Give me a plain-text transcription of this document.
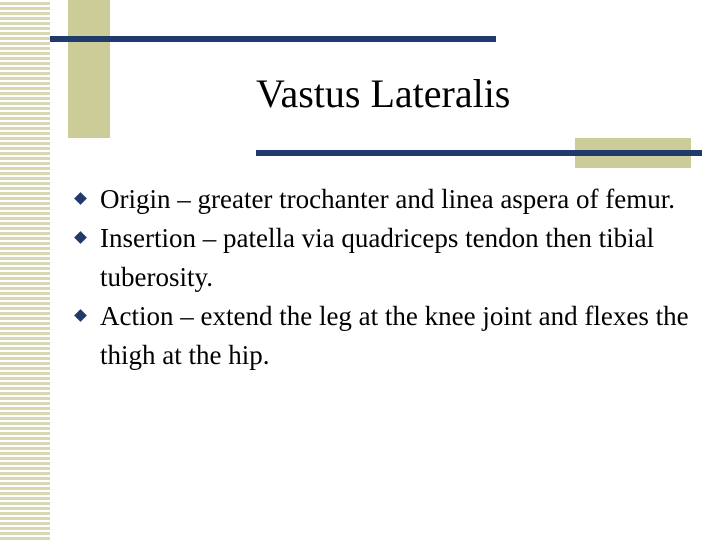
Vastus Lateralis
Origin – greater trochanter and linea aspera of femur.
Insertion – patella via quadriceps tendon then tibial tuberosity.
Action – extend the leg at the knee joint and flexes the thigh at the hip.
